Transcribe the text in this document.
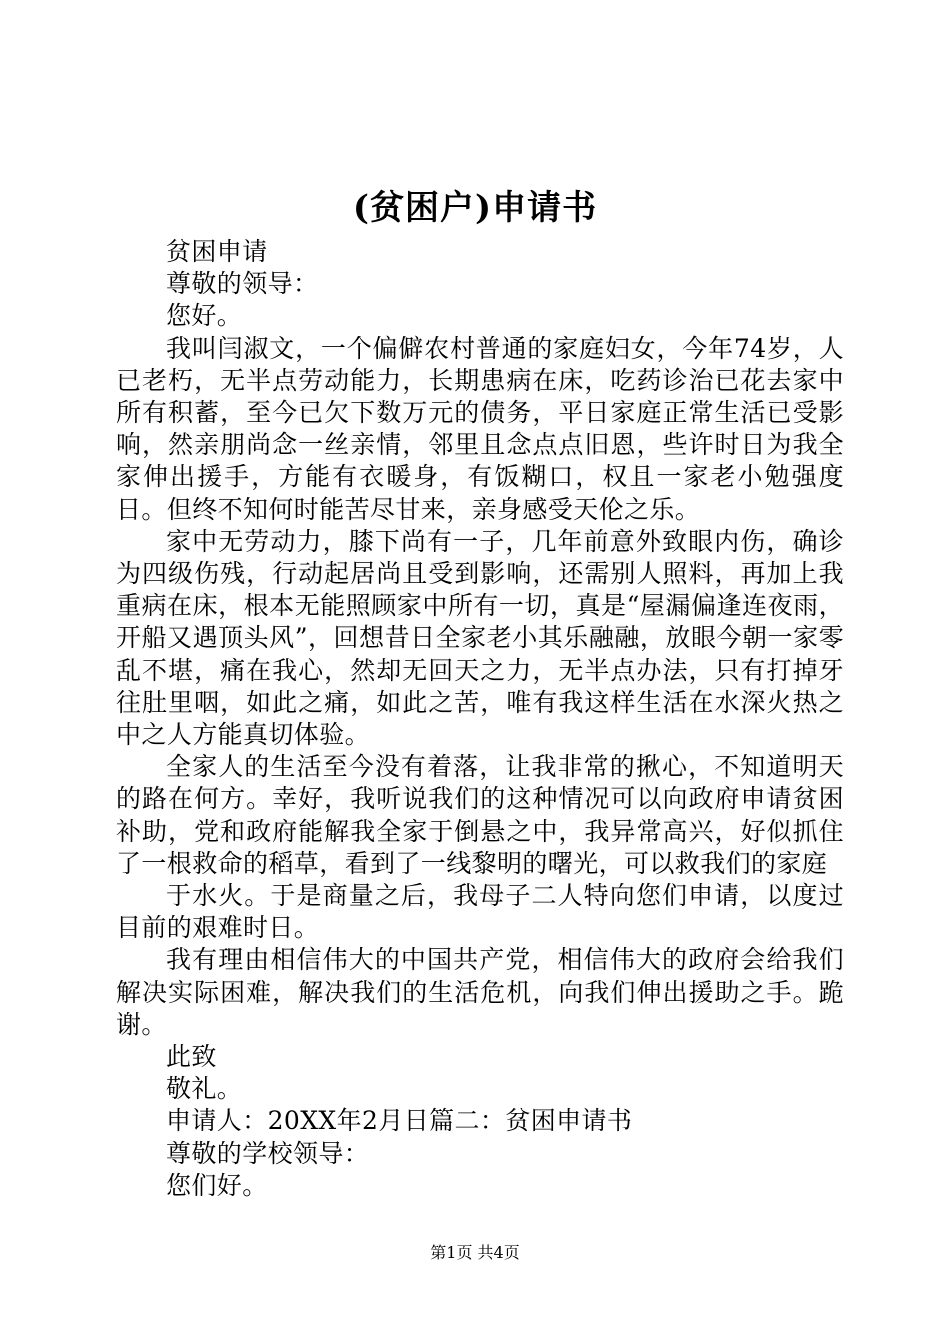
(贫困户)申请书

贫困申请

尊敬的领导：

您好。

我叫闫淑文，一个偏僻农村普通的家庭妇女，今年74岁，人已老朽，无半点劳动能力，长期患病在床，吃药诊治已花去家中所有积蓄，至今已欠下数万元的债务，平日家庭正常生活已受影响，然亲朋尚念一丝亲情，邻里且念点点旧恩，些许时日为我全家伸出援手，方能有衣暖身，有饭糊口，权且一家老小勉强度日。但终不知何时能苦尽甘来，亲身感受天伦之乐。

家中无劳动力，膝下尚有一子，几年前意外致眼内伤，确诊为四级伤残，行动起居尚且受到影响，还需别人照料，再加上我重病在床，根本无能照顾家中所有一切，真是“屋漏偏逢连夜雨，开船又遇顶头风”，回想昔日全家老小其乐融融，放眼今朝一家零乱不堪，痛在我心，然却无回天之力，无半点办法，只有打掉牙往肚里咽，如此之痛，如此之苦，唯有我这样生活在水深火热之中之人方能真切体验。

全家人的生活至今没有着落，让我非常的揪心，不知道明天的路在何方。幸好，我听说我们的这种情况可以向政府申请贫困补助，党和政府能解我全家于倒悬之中，我异常高兴，好似抓住了一根救命的稻草，看到了一线黎明的曙光，可以救我们的家庭

于水火。于是商量之后，我母子二人特向您们申请，以度过目前的艰难时日。

我有理由相信伟大的中国共产党，相信伟大的政府会给我们解决实际困难，解决我们的生活危机，向我们伸出援助之手。跪谢。

此致

敬礼。

申请人：20XX年2月日篇二：贫困申请书

尊敬的学校领导：

您们好。

第1页 共4页
